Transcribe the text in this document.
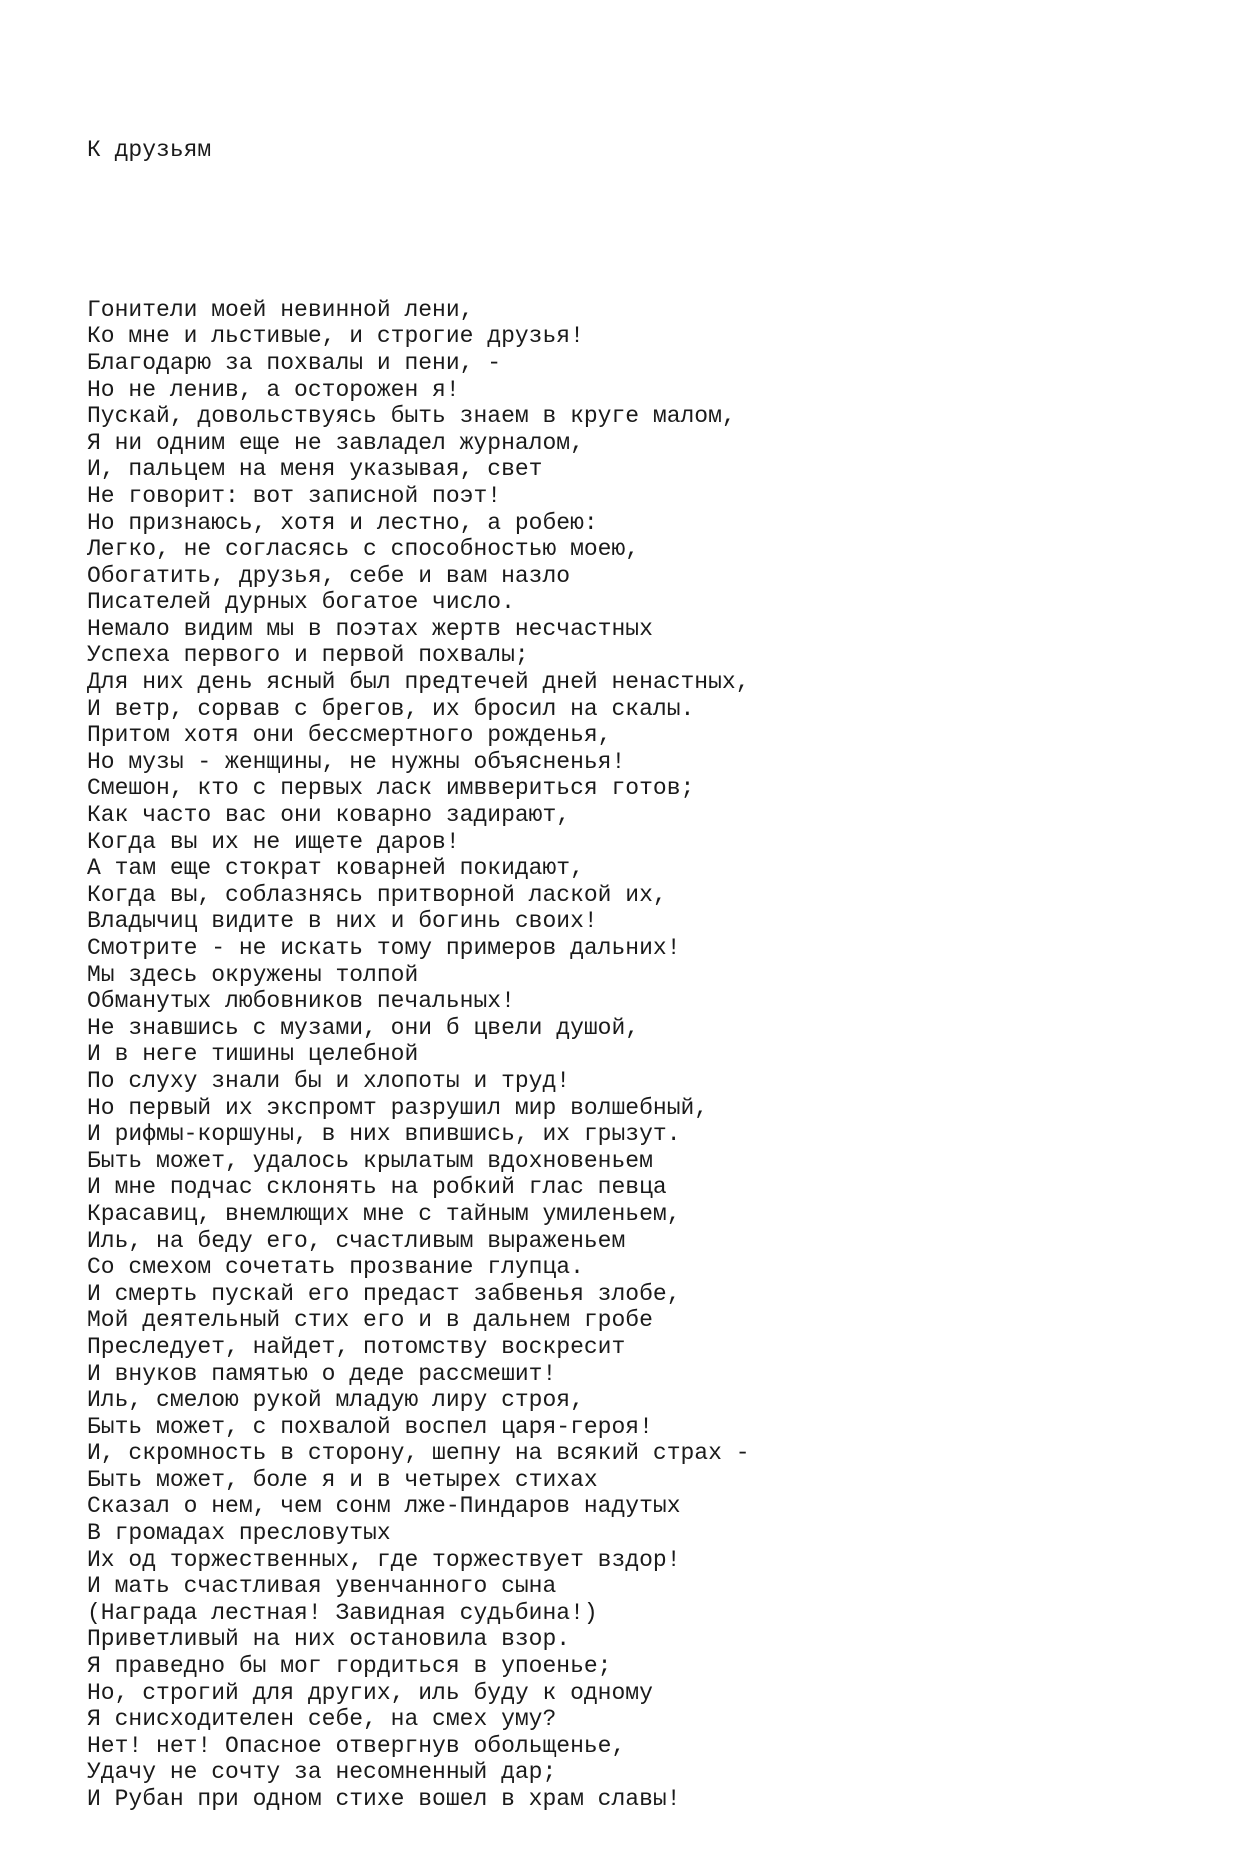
К друзьям

Гонители моей невинной лени,
Ко мне и льстивые, и строгие друзья!
Благодарю за похвалы и пени, -
Но не ленив, а осторожен я!
Пускай, довольствуясь быть знаем в круге малом,
Я ни одним еще не завладел журналом,
И, пальцем на меня указывая, свет
Не говорит: вот записной поэт!
Но признаюсь, хотя и лестно, а робею:
Легко, не согласясь с способностью моею,
Обогатить, друзья, себе и вам назло
Писателей дурных богатое число.
Немало видим мы в поэтах жертв несчастных
Успеха первого и первой похвалы;
Для них день ясный был предтечей дней ненастных,
И ветр, сорвав с брегов, их бросил на скалы.
Притом хотя они бессмертного рожденья,
Но музы - женщины, не нужны объясненья!
Смешон, кто с первых ласк имввериться готов;
Как часто вас они коварно задирают,
Когда вы их не ищете даров!
А там еще стократ коварней покидают,
Когда вы, соблазнясь притворной лаской их,
Владычиц видите в них и богинь своих!
Смотрите - не искать тому примеров дальних!
Мы здесь окружены толпой
Обманутых любовников печальных!
Не знавшись с музами, они б цвели душой,
И в неге тишины целебной
По слуху знали бы и хлопоты и труд!
Но первый их экспромт разрушил мир волшебный,
И рифмы-коршуны, в них впившись, их грызут.
Быть может, удалось крылатым вдохновеньем
И мне подчас склонять на робкий глас певца
Красавиц, внемлющих мне с тайным умиленьем,
Иль, на беду его, счастливым выраженьем
Со смехом сочетать прозвание глупца.
И смерть пускай его предаст забвенья злобе,
Мой деятельный стих его и в дальнем гробе
Преследует, найдет, потомству воскресит
И внуков памятью о деде рассмешит!
Иль, смелою рукой младую лиру строя,
Быть может, с похвалой воспел царя-героя!
И, скромность в сторону, шепну на всякий страх -
Быть может, боле я и в четырех стихах
Сказал о нем, чем сонм лже-Пиндаров надутых
В громадах пресловутых
Их од торжественных, где торжествует вздор!
И мать счастливая увенчанного сына
(Награда лестная! Завидная судьбина!)
Приветливый на них остановила взор.
Я праведно бы мог гордиться в упоенье;
Но, строгий для других, иль буду к одному
Я снисходителен себе, на смех уму?
Нет! нет! Опасное отвергнув обольщенье,
Удачу не сочту за несомненный дар;
И Рубан при одном стихе вошел в храм славы!
